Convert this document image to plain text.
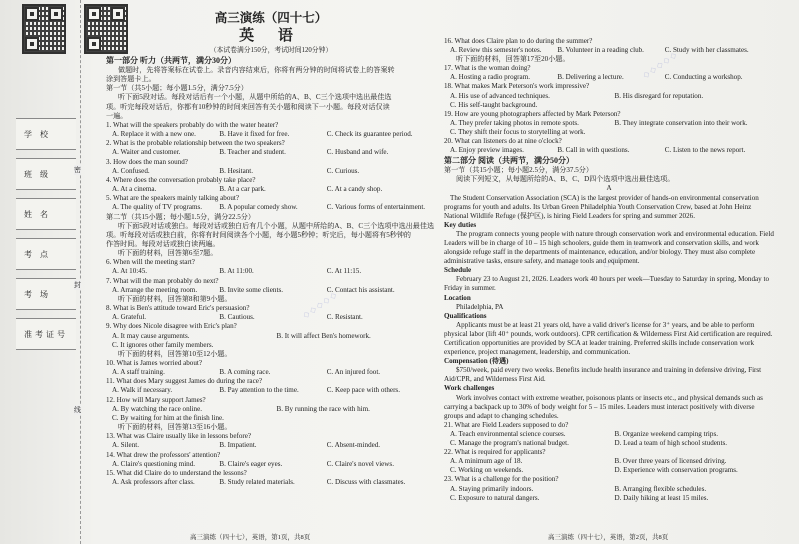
学 校
班 级
姓 名
考 点
考 场
准考证号
密
封
线
高三演练（四十七）
英 语
（本试卷满分150分，考试时间120分钟）
第一部分 听力（共两节，满分30分）
做题时，先将答案标在试卷上。录音内容结束后，你将有两分钟的时间将试卷上的答案转
涂到答题卡上。
第一节（共5小题；每小题1.5分，满分7.5分）
听下面5段对话。每段对话后有一个小题，从题中所给的A、B、C三个选项中选出最佳选
项。听完每段对话后，你都有10秒钟的时间来回答有关小题和阅读下一小题。每段对话仅读
一遍。
1. What will the speakers probably do with the water heater?
A. Replace it with a new one.	B. Have it fixed for free.	C. Check its guarantee period.
2. What is the probable relationship between the two speakers?
A. Waiter and customer.	B. Teacher and student.	C. Husband and wife.
3. How does the man sound?
A. Confused.	B. Hesitant.	C. Curious.
4. Where does the conversation probably take place?
A. At a cinema.	B. At a car park.	C. At a candy shop.
5. What are the speakers mainly talking about?
A. The quality of TV programs.	B. A popular comedy show.	C. Various forms of entertainment.
第二节（共15小题；每小题1.5分，满分22.5分）
听下面5段对话或独白。每段对话或独白后有几个小题，从题中所给的A、B、C三个选项中选出最佳选
项。听每段对话或独白前，你将有时间阅读各个小题，每小题5秒钟；听完后，每小题将有5秒钟的
作答时间。每段对话或独白读两遍。
听下面的材料，回答第6至7题。
6. When will the meeting start?
A. At 10:45.	B. At 11:00.	C. At 11:15.
7. What will the man probably do next?
A. Arrange the meeting room.	B. Invite some clients.	C. Contact his assistant.
听下面的材料，回答第8和第9小题。
8. What is Ben's attitude toward Eric's persuasion?
A. Grateful.	B. Cautious.	C. Resistant.
9. Why does Nicole disagree with Eric's plan?
A. It may cause arguments.	B. It will affect Ben's homework.
C. It ignores other family members.
听下面的材料，回答第10至12小题。
10. What is James worried about?
A. A staff training.	B. A coming race.	C. An injured foot.
11. What does Mary suggest James do during the race?
A. Walk if necessary.	B. Pay attention to the time.	C. Keep pace with others.
12. How will Mary support James?
A. By watching the race online.	B. By running the race with him.
C. By waiting for him at the finish line.
听下面的材料，回答第13至16小题。
13. What was Claire usually like in lessons before?
A. Silent.	B. Impatient.	C. Absent-minded.
14. What drew the professors' attention?
A. Claire's questioning mind.	B. Claire's eager eyes.	C. Claire's novel views.
15. What did Claire do to understand the lessons?
A. Ask professors after class.	B. Study related materials.	C. Discuss with classmates.
16. What does Claire plan to do during the summer?
A. Review this semester's notes.	B. Volunteer in a reading club.	C. Study with her classmates.
听下面的材料，回答第17至20小题。
17. What is the woman doing?
A. Hosting a radio program.	B. Delivering a lecture.	C. Conducting a workshop.
18. What makes Mark Peterson's work impressive?
A. His use of advanced techniques.	B. His disregard for reputation.
C. His self-taught background.
19. How are young photographers affected by Mark Peterson?
A. They prefer taking photos in remote spots.	B. They integrate conservation into their work.
C. They shift their focus to storytelling at work.
20. What can listeners do at nine o'clock?
A. Enjoy preview images.	B. Call in with questions.	C. Listen to the news report.
第二部分 阅读（共两节，满分50分）
第一节（共15小题；每小题2.5分，满分37.5分）
阅读下列短文，从每题所给的A、B、C、D四个选项中选出最佳选项。
A
The Student Conservation Association (SCA) is the largest provider of hands-on environmental conservation programs for youth and adults. Its Urban Green Philadelphia Youth Conservation Crew, based at John Heinz National Wildlife Refuge (保护区), is hiring Field Leaders for spring and summer 2026.
Key duties
The program connects young people with nature through conservation work and environmental education. Field Leaders will be in charge of 10 – 15 high schoolers, guide them in teamwork and conservation skills, and work alongside refuge staff in the departments of maintenance, education, and/or biology. They must also complete administrative tasks, ensure safety, and manage tools and equipment.
Schedule
February 23 to August 21, 2026. Leaders work 40 hours per week—Tuesday to Saturday in spring, Monday to Friday in summer.
Location
Philadelphia, PA
Qualifications
Applicants must be at least 21 years old, have a valid driver's license for 3⁺ years, and be able to perform physical labor (lift 40⁺ pounds, work outdoors). CPR certification & Wilderness First Aid certification are required. Certification opportunities are provided by SCA at leader training. Preferred skills include conservation work experience, project management, leadership, and communication.
Compensation (待遇)
$750/week, paid every two weeks. Benefits include health insurance and training in defensive driving, First Aid/CPR, and Wilderness First Aid.
Work challenges
Work involves contact with extreme weather, poisonous plants or insects etc., and physical demands such as carrying a backpack up to 30% of body weight for 5 – 15 miles. Leaders must interact positively with diverse groups and adapt to changing schedules.
21. What are Field Leaders supposed to do?
A. Teach environmental science courses.	B. Organize weekend camping trips.
C. Manage the program's national budget.	D. Lead a team of high school students.
22. What is required for applicants?
A. A minimum age of 18.	B. Over three years of licensed driving.
C. Working on weekends.	D. Experience with conservation programs.
23. What is a challenge for the position?
A. Staying primarily indoors.	B. Arranging flexible schedules.
C. Exposure to natural dangers.	D. Daily hiking at least 15 miles.
高三演练（四十七），英语，第1页，共8页	高三演练（四十七），英语，第2页，共8页
◇◇◇◇◇
◇◇◇◇◇
◇◇◇◇◇
